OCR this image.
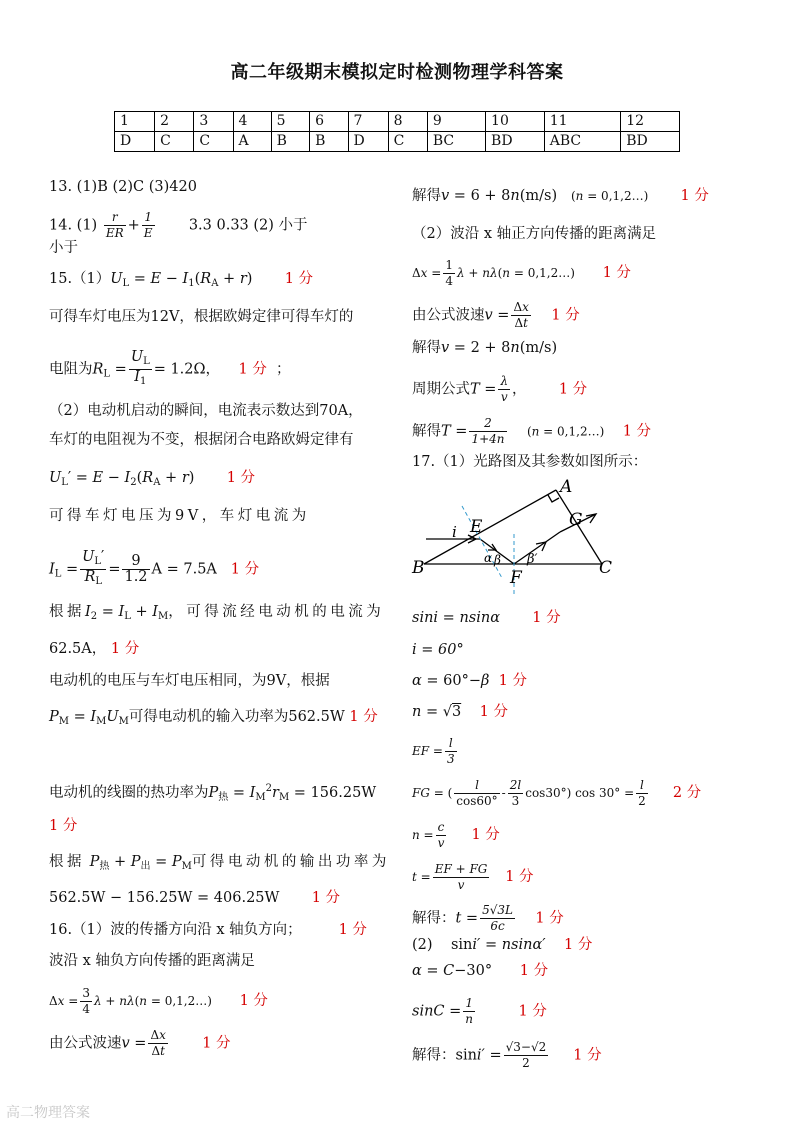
高二年级期末模拟定时检测物理学科答案
1	2	3	4	5	6	7	8	9	10	11	12
D	C	C	A	B	B	D	C	BC	BD	ABC	BD
13. (1)B (2)C (3)420
14. $(1) \frac{r}{ER} + \frac{1}{E} 3.3$ 0.33 (2) 小于
小于
$15.(1)U_L = E - I_1(R_A + r)$       1 分
可得车灯电压为12V，根据欧姆定律可得车灯的
电阻为$R_L = \frac{U_L}{I_1} = 1.2\Omega$，    1 分  ；
（2）电动机启动的瞬间，电流表示数达到70A，
车灯的电阻视为不变，根据闭合电路欧姆定律有
$U_L' = E - I_2(R_A + r)$       1 分
可得车灯电压为9V，车灯电流为
$I_L = \frac{U_L'}{R_L} = \frac{9}{1.2}$ A = 7.5A   1 分
根据$I_2 = I_L + I_M$，可得流经电动机的电流为
62.5A， 1 分
电动机的电压与车灯电压相同，为9V，根据
$P_M = I_MU_M$可得电动机的输入功率为562.5W 1 分
电动机的线圈的热功率为$P_热 = I_M^2r_M = 156.25W$
1 分
根据 $P_热 + P_出 = P_M$可得电动机的输出功率为
562.5W − 156.25W = 406.25W       1 分
16.（1）波的传播方向沿 x 轴负方向；	1 分
波沿 x 轴负方向传播的距离满足
$\Delta x = \frac{3}{4}$ λ + nλ(n = 0,1,2…) 1 分
由公式波速$v = \frac{\Delta x}{\Delta t} 1$ 分
解得v = 6 + 8n(m/s)   (n = 0,1,2…) 1 分
（2）波沿 x 轴正方向传播的距离满足
$\Delta x = \frac{1}{4}$ λ + nλ(n = 0,1,2…) 1 分
由公式波速$v = \frac{\Delta x}{\Delta t} 1$ 分
解得v = 2 + 8n(m/s)
周期公式$T = \frac{\lambda}{v}$ ，       1 分
解得$T = \frac{2}{1+4n} (n$ = 0,1,2…) 1 分
17.（1）光路图及其参数如图所示：
A
G
E
i
B	α β
F
β′	C
sini = nsinα 1 分
i = 60°
α = 60°−β 1 分
n = √3 1 分
EF = $\frac{l}{3}$
FG = ( $\frac{l}{\cos 60^\circ} - \frac{2l}{3} \cos 30^\circ$) $\cos 30^\circ = \frac{l}{2} 2$ 分
$n = \frac{c}{v} 1$ 分
$t = \frac{EF + FG}{v} 1$ 分
解得：$t = \frac{5√3L}{6c} 1$ 分
(2)    sini′ = nsinα′ 1 分
α = C−30°      1 分
$\sin C = \frac{1}{n}$	1 分
解得：$\sin i' = \frac{√3-√2}{2} 1$ 分
高二物理答案
